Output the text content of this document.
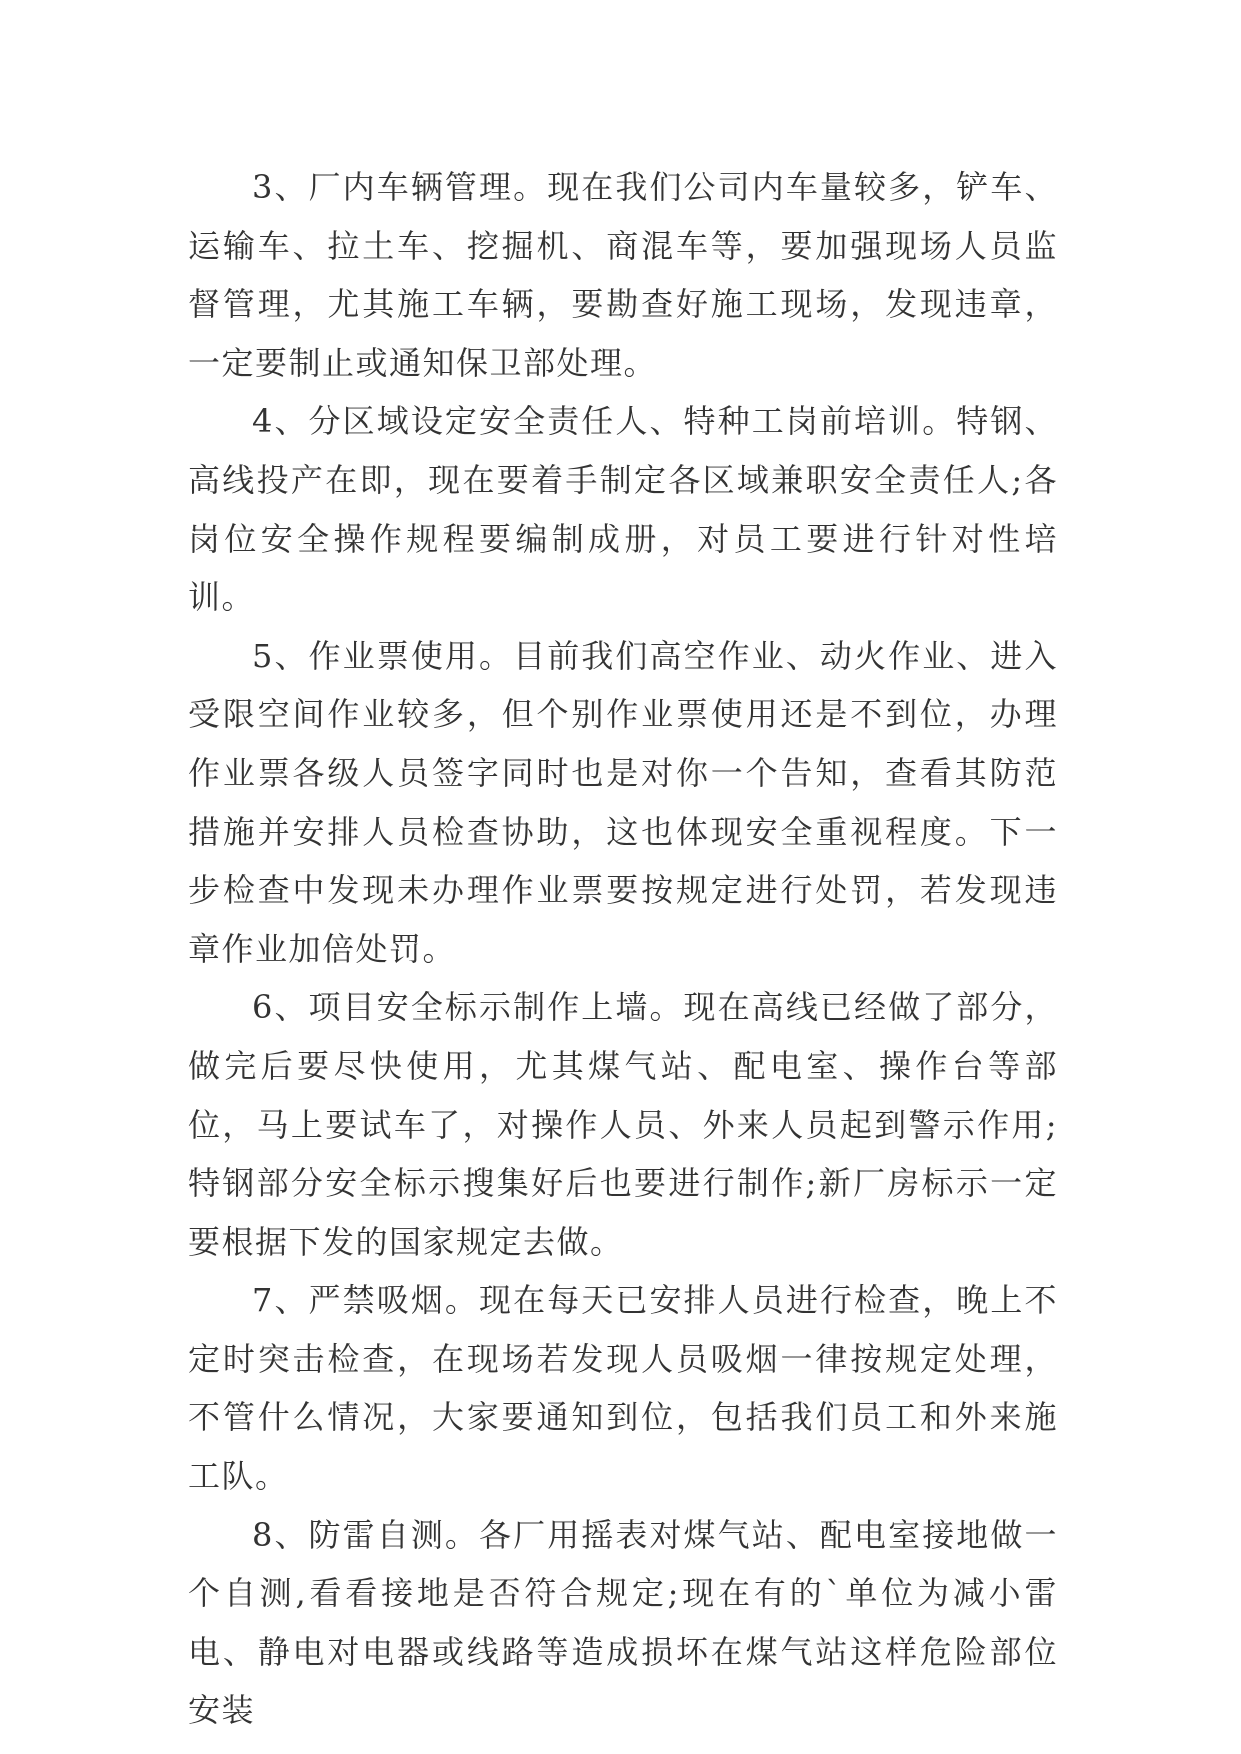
3、厂内车辆管理。现在我们公司内车量较多，铲车、运输车、拉土车、挖掘机、商混车等，要加强现场人员监督管理，尤其施工车辆，要勘查好施工现场，发现违章，一定要制止或通知保卫部处理。

4、分区域设定安全责任人、特种工岗前培训。特钢、高线投产在即，现在要着手制定各区域兼职安全责任人;各岗位安全操作规程要编制成册，对员工要进行针对性培训。

5、作业票使用。目前我们高空作业、动火作业、进入受限空间作业较多，但个别作业票使用还是不到位，办理作业票各级人员签字同时也是对你一个告知，查看其防范措施并安排人员检查协助，这也体现安全重视程度。下一步检查中发现未办理作业票要按规定进行处罚，若发现违章作业加倍处罚。

6、项目安全标示制作上墙。现在高线已经做了部分，做完后要尽快使用，尤其煤气站、配电室、操作台等部位，马上要试车了，对操作人员、外来人员起到警示作用;特钢部分安全标示搜集好后也要进行制作;新厂房标示一定要根据下发的国家规定去做。

7、严禁吸烟。现在每天已安排人员进行检查，晚上不定时突击检查，在现场若发现人员吸烟一律按规定处理，不管什么情况，大家要通知到位，包括我们员工和外来施工队。

8、防雷自测。各厂用摇表对煤气站、配电室接地做一个自测,看看接地是否符合规定;现在有的`单位为减小雷电、静电对电器或线路等造成损坏在煤气站这样危险部位安装
